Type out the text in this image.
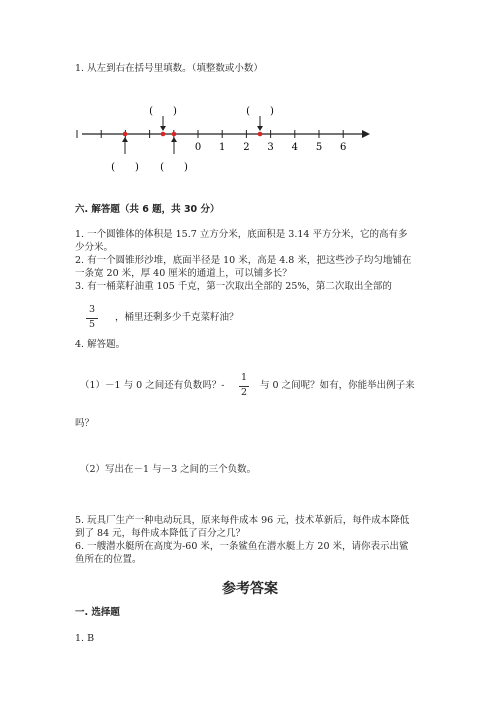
1. 从左到右在括号里填数。（填整数或小数）
0 1 2 3 4 5 6
(　　)	(　　)
(　　) (　　)
六. 解答题（共 6 题，共 30 分）
1. 一个圆锥体的体积是 15.7 立方分米，底面积是 3.14 平方分米，它的高有多
少分米。
2. 有一个圆锥形沙堆，底面半径是 10 米，高是 4.8 米，把这些沙子均匀地铺在
一条宽 20 米，厚 40 厘米的通道上，可以铺多长？
3. 有一桶菜籽油重 105 千克，第一次取出全部的 25%，第二次取出全部的
3
5
，桶里还剩多少千克菜籽油？
4. 解答题。
（1）－1 与 0 之间还有负数吗？-
1
2
与 0 之间呢？如有，你能举出例子来
吗？
（2）写出在－1 与－3 之间的三个负数。
5. 玩具厂生产一种电动玩具，原来每件成本 96 元，技术革新后，每件成本降低
到了 84 元，每件成本降低了百分之几？
6. 一艘潜水艇所在高度为-60 米，一条鲨鱼在潜水艇上方 20 米，请你表示出鲨
鱼所在的位置。
参考答案
一. 选择题
1. B
